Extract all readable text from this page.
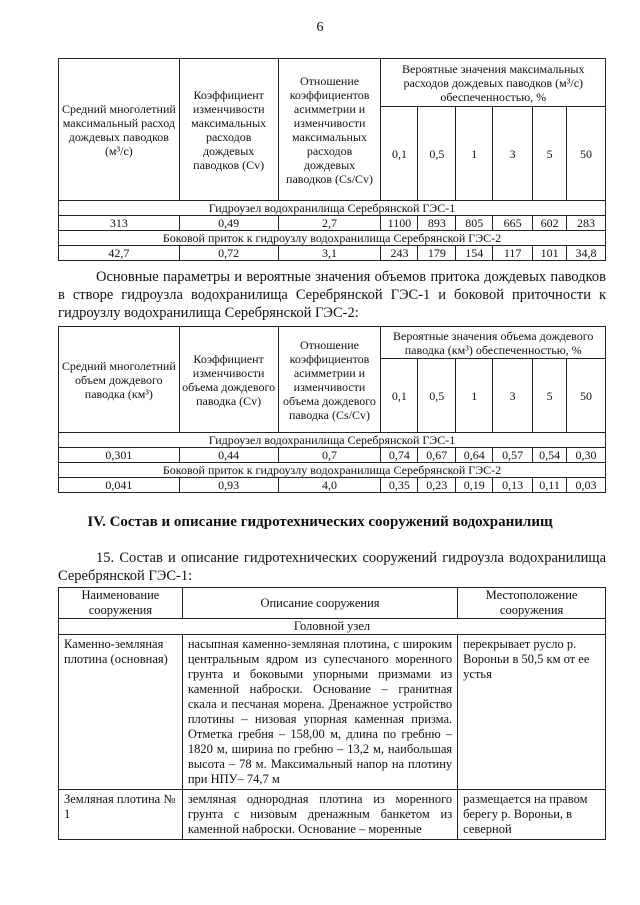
6
Средний многолетний максимальный расход дождевых паводков (м³/с)	Коэффициент изменчивости максимальных расходов дождевых паводков (Cv)	Отношение коэффициентов асимметрии и изменчивости максимальных расходов дождевых паводков (Cs/Cv)	Вероятные значения максимальных расходов дождевых паводков (м³/с) обеспеченностью, %					
			0,1	0,5	1	3	5	50
Гидроузел водохранилища Серебрянской ГЭС-1								
313	0,49	2,7	1100	893	805	665	602	283
Боковой приток к гидроузлу водохранилища Серебрянской ГЭС-2								
42,7	0,72	3,1	243	179	154	117	101	34,8
Основные параметры и вероятные значения объемов притока дождевых паводков в створе гидроузла водохранилища Серебрянской ГЭС-1 и боковой приточности к гидроузлу водохранилища Серебрянской ГЭС-2:
Средний многолетний объем дождевого паводка (км³)	Коэффициент изменчивости объема дождевого паводка (Cv)	Отношение коэффициентов асимметрии и изменчивости объема дождевого паводка (Cs/Cv)	Вероятные значения объема дождевого паводка (км³) обеспеченностью, %					
			0,1	0,5	1	3	5	50
Гидроузел водохранилища Серебрянской ГЭС-1								
0,301	0,44	0,7	0,74	0,67	0,64	0,57	0,54	0,30
Боковой приток к гидроузлу водохранилища Серебрянской ГЭС-2								
0,041	0,93	4,0	0,35	0,23	0,19	0,13	0,11	0,03
IV. Состав и описание гидротехнических сооружений водохранилищ
15. Состав и описание гидротехнических сооружений гидроузла водохранилища Серебрянской ГЭС-1:
Наименование сооружения	Описание сооружения	Местоположение сооружения
Головной узел		
Каменно-земляная плотина (основная)	насыпная каменно-земляная плотина, с широким центральным ядром из супесчаного моренного грунта и боковыми упорными призмами из каменной наброски. Основание – гранитная скала и песчаная морена. Дренажное устройство плотины – низовая упорная каменная призма. Отметка гребня – 158,00 м, длина по гребню – 1820 м, ширина по гребню – 13,2 м, наибольшая высота – 78 м. Максимальный напор на плотину при НПУ– 74,7 м	перекрывает русло р. Вороньи в 50,5 км от ее устья
Земляная плотина № 1	земляная однородная плотина из моренного грунта с низовым дренажным банкетом из каменной наброски. Основание – моренные	размещается на правом берегу р. Вороньи, в северной
